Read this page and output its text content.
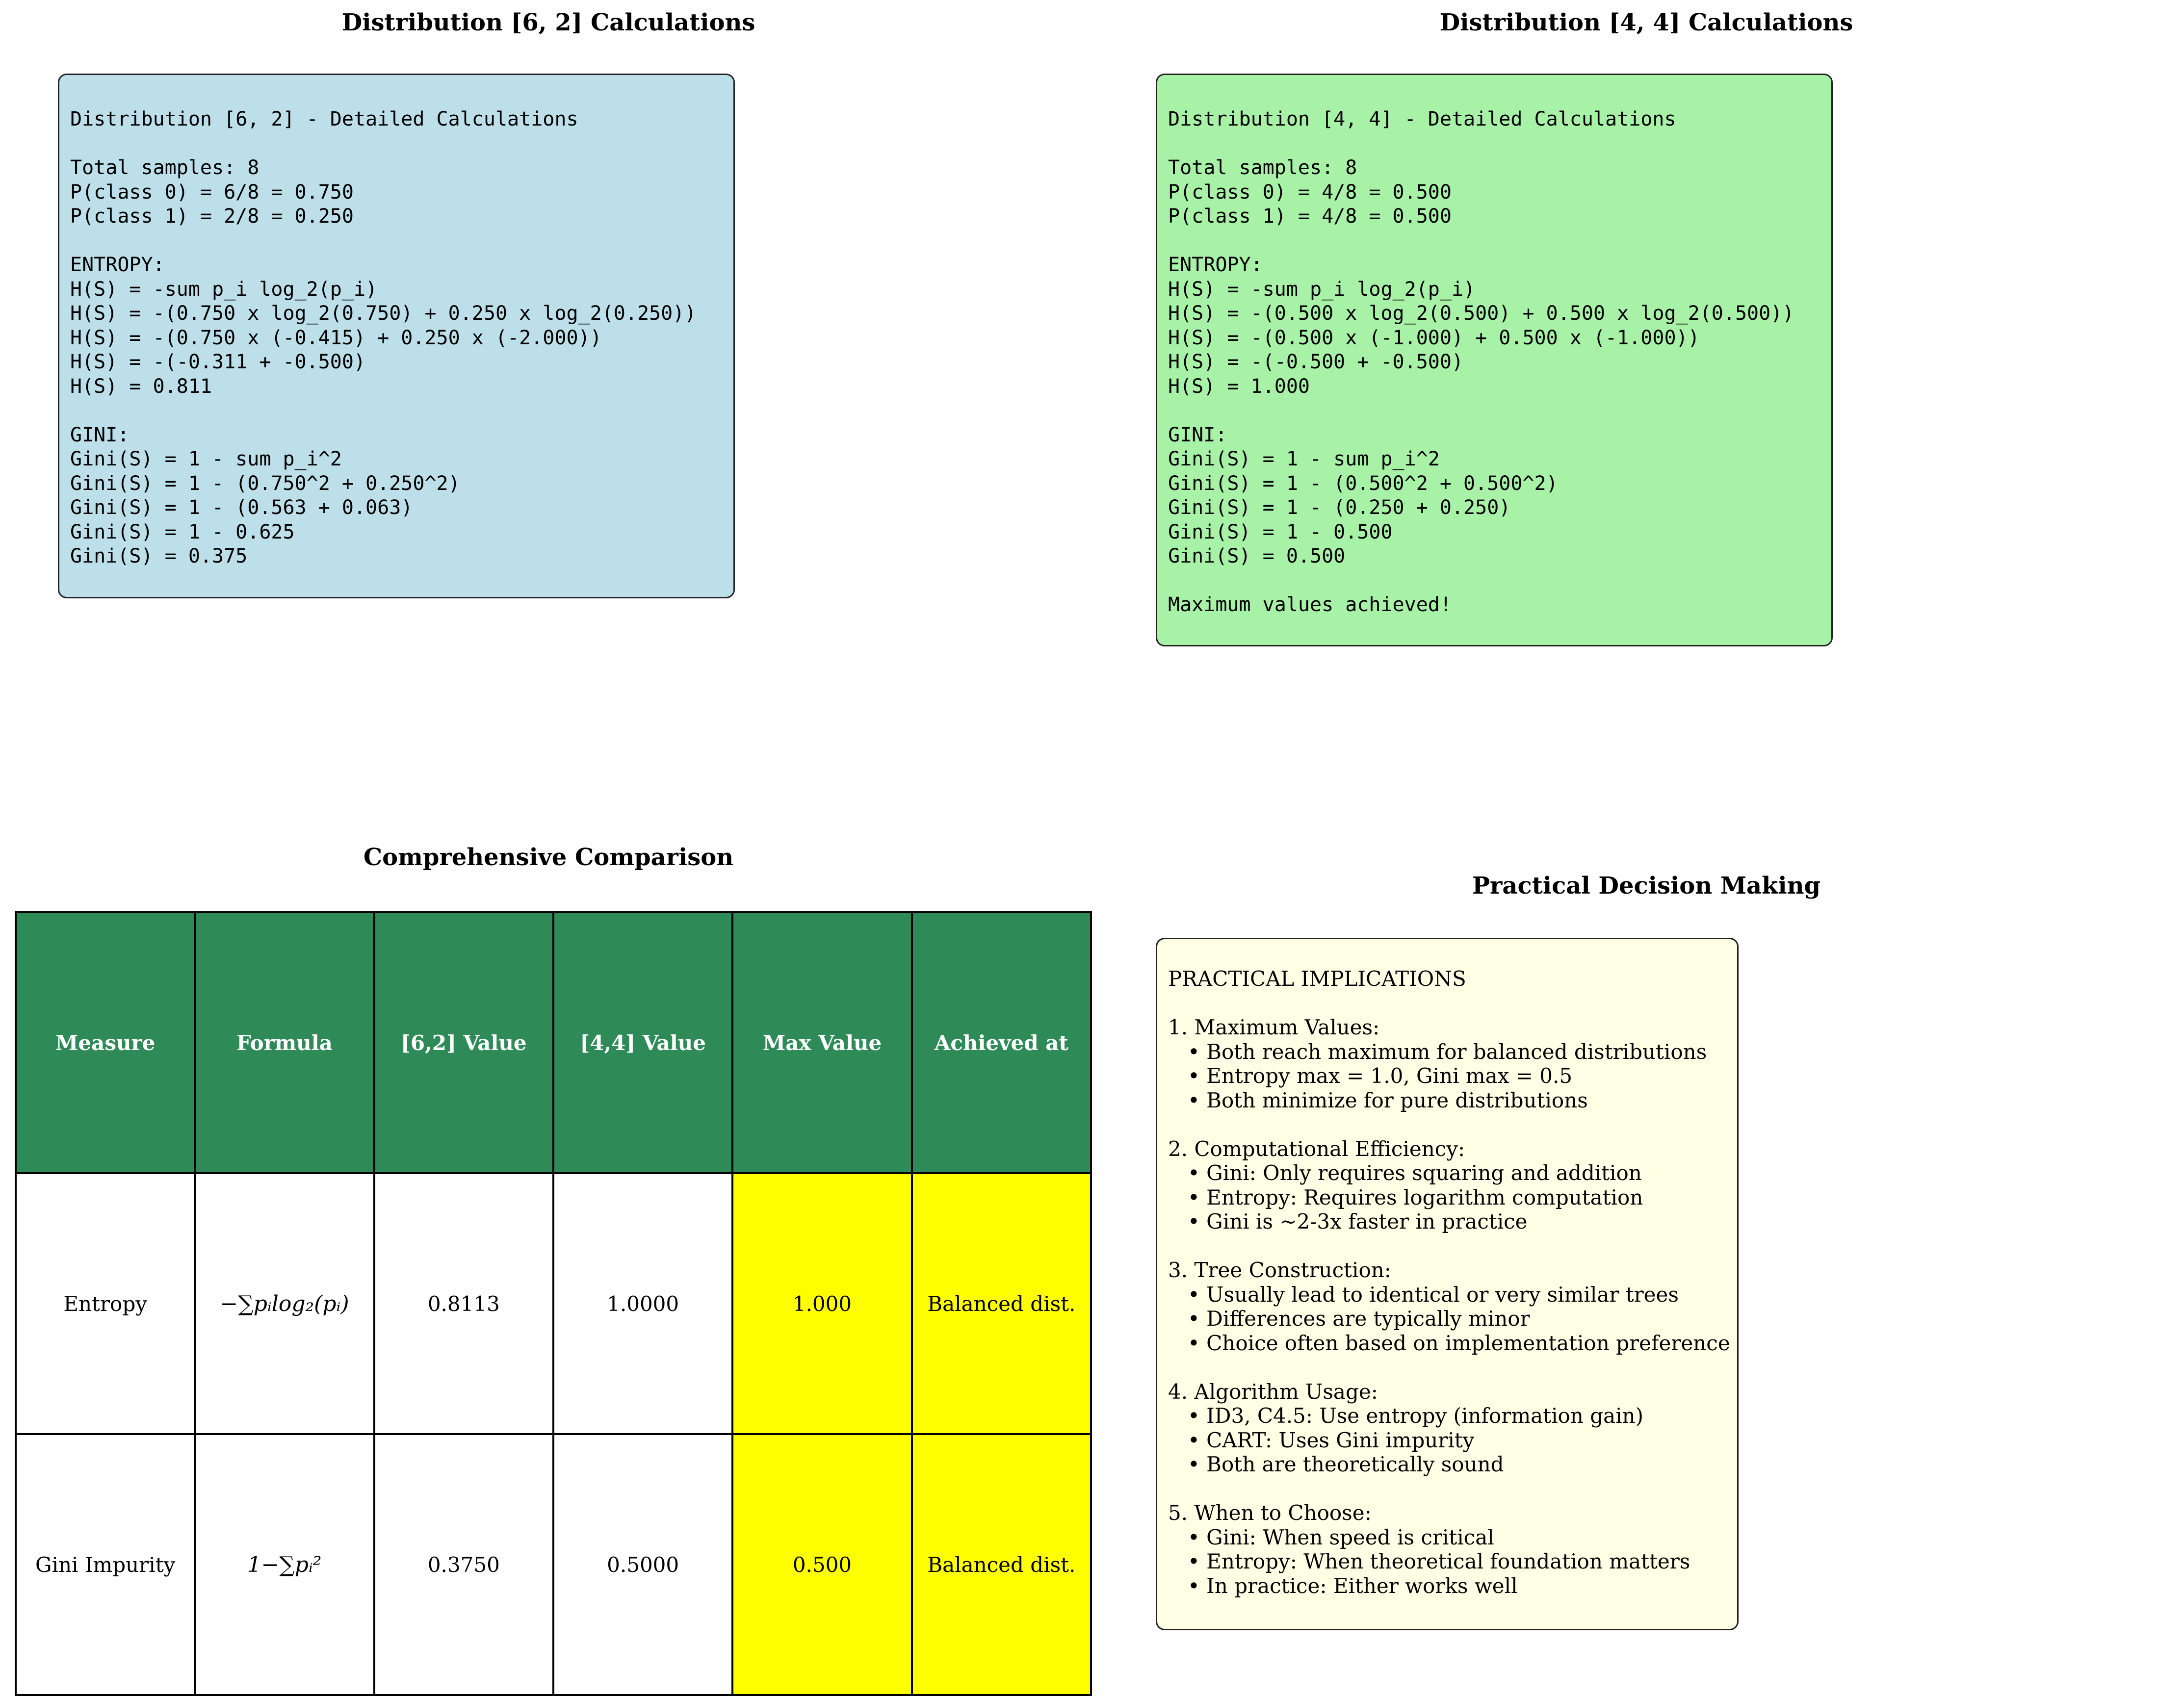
Distribution [6, 2] Calculations
Distribution [6, 2] - Detailed Calculations

Total samples: 8
P(class 0) = 6/8 = 0.750
P(class 1) = 2/8 = 0.250

ENTROPY:
H(S) = -sum p_i log_2(p_i)
H(S) = -(0.750 x log_2(0.750) + 0.250 x log_2(0.250))
H(S) = -(0.750 x (-0.415) + 0.250 x (-2.000))
H(S) = -(-0.311 + -0.500)
H(S) = 0.811

GINI:
Gini(S) = 1 - sum p_i^2
Gini(S) = 1 - (0.750^2 + 0.250^2)
Gini(S) = 1 - (0.563 + 0.063)
Gini(S) = 1 - 0.625
Gini(S) = 0.375
Distribution [4, 4] Calculations
Distribution [4, 4] - Detailed Calculations

Total samples: 8
P(class 0) = 4/8 = 0.500
P(class 1) = 4/8 = 0.500

ENTROPY:
H(S) = -sum p_i log_2(p_i)
H(S) = -(0.500 x log_2(0.500) + 0.500 x log_2(0.500))
H(S) = -(0.500 x (-1.000) + 0.500 x (-1.000))
H(S) = -(-0.500 + -0.500)
H(S) = 1.000

GINI:
Gini(S) = 1 - sum p_i^2
Gini(S) = 1 - (0.500^2 + 0.500^2)
Gini(S) = 1 - (0.250 + 0.250)
Gini(S) = 1 - 0.500
Gini(S) = 0.500

Maximum values achieved!
Comprehensive Comparison
Measure	Formula	[6,2] Value	[4,4] Value	Max Value	Achieved at
Entropy	−∑pᵢlog₂(pᵢ)	0.8113	1.0000	1.000	Balanced dist.
Gini Impurity	1−∑pᵢ²	0.3750	0.5000	0.500	Balanced dist.
Practical Decision Making
PRACTICAL IMPLICATIONS

1. Maximum Values:
• Both reach maximum for balanced distributions
• Entropy max = 1.0, Gini max = 0.5
• Both minimize for pure distributions

2. Computational Efficiency:
• Gini: Only requires squaring and addition
• Entropy: Requires logarithm computation
• Gini is ~2-3x faster in practice

3. Tree Construction:
• Usually lead to identical or very similar trees
• Differences are typically minor
• Choice often based on implementation preference

4. Algorithm Usage:
• ID3, C4.5: Use entropy (information gain)
• CART: Uses Gini impurity
• Both are theoretically sound

5. When to Choose:
• Gini: When speed is critical
• Entropy: When theoretical foundation matters
• In practice: Either works well
